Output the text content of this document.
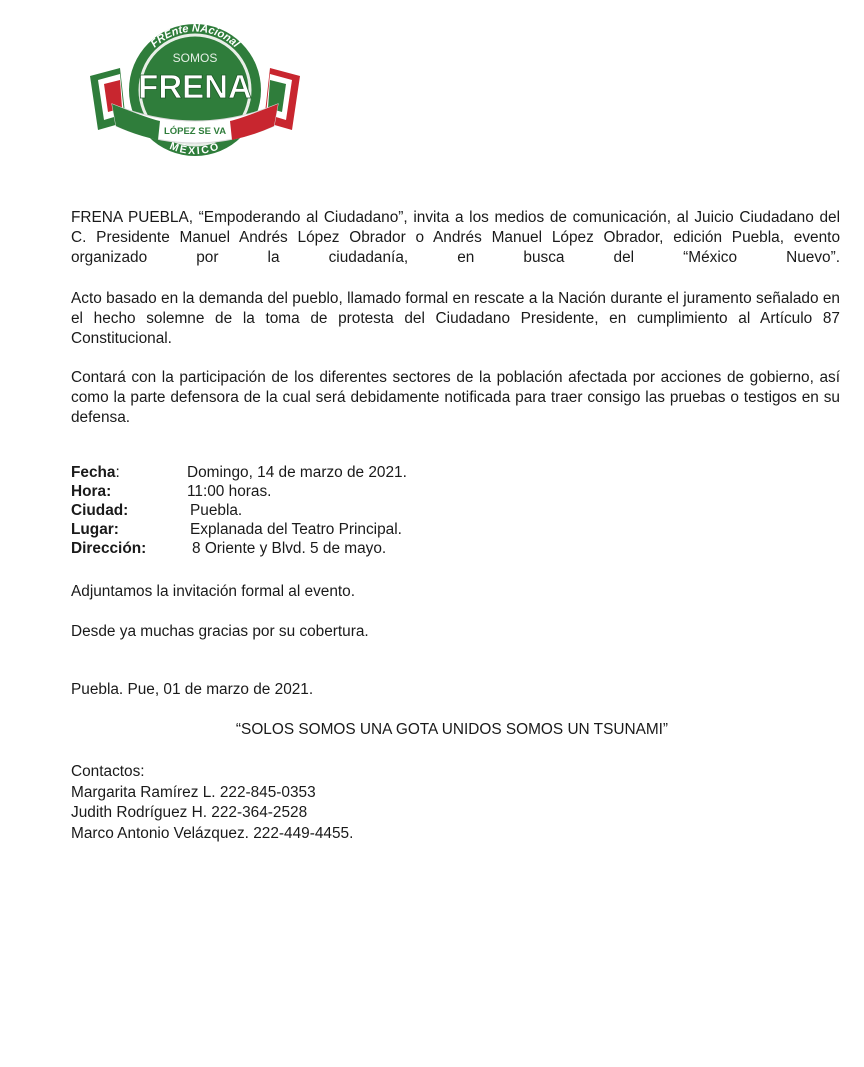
FREnte NAcional
SOMOS
FRENA
LÓPEZ SE VA
MÉXICO

FRENA PUEBLA, “Empoderando al Ciudadano”, invita a los medios de comunicación, al Juicio Ciudadano del C. Presidente Manuel Andrés López Obrador o Andrés Manuel López Obrador, edición Puebla, evento organizado por la ciudadanía, en busca del “México Nuevo”.

Acto basado en la demanda del pueblo, llamado formal en rescate a la Nación durante el juramento señalado en el hecho solemne de la toma de protesta del Ciudadano Presidente, en cumplimiento al Artículo 87 Constitucional.

Contará con la participación de los diferentes sectores de la población afectada por acciones de gobierno, así como la parte defensora de la cual será debidamente notificada para traer consigo las pruebas o testigos en su defensa.

Fecha:	Domingo, 14 de marzo de 2021.
Hora:	11:00 horas.
Ciudad:	Puebla.
Lugar:	Explanada del Teatro Principal.
Dirección:	8 Oriente y Blvd. 5 de mayo.
Adjuntamos la invitación formal al evento.
Desde ya muchas gracias por su cobertura.
Puebla. Pue, 01 de marzo de 2021.
“SOLOS SOMOS UNA GOTA UNIDOS SOMOS UN TSUNAMI”
Contactos:
Margarita Ramírez L. 222-845-0353
Judith Rodríguez H. 222-364-2528
Marco Antonio Velázquez. 222-449-4455.
